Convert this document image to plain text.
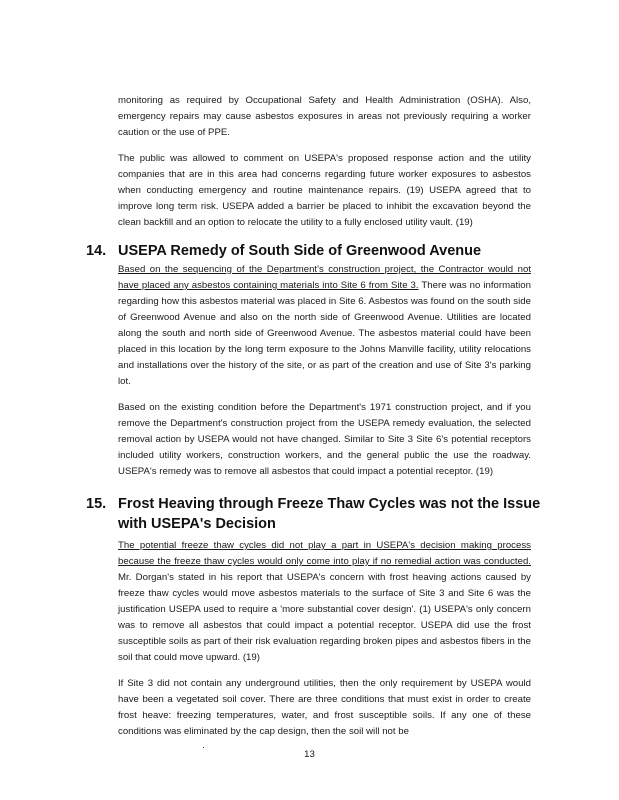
monitoring as required by Occupational Safety and Health Administration (OSHA). Also, emergency repairs may cause asbestos exposures in areas not previously requiring a worker caution or the use of PPE.

The public was allowed to comment on USEPA's proposed response action and the utility companies that are in this area had concerns regarding future worker exposures to asbestos when conducting emergency and routine maintenance repairs. (19) USEPA agreed that to improve long term risk. USEPA added a barrier be placed to inhibit the excavation beyond the clean backfill and an option to relocate the utility to a fully enclosed utility vault. (19)

14. USEPA Remedy of South Side of Greenwood Avenue

Based on the sequencing of the Department's construction project, the Contractor would not have placed any asbestos containing materials into Site 6 from Site 3. There was no information regarding how this asbestos material was placed in Site 6. Asbestos was found on the south side of Greenwood Avenue and also on the north side of Greenwood Avenue. Utilities are located along the south and north side of Greenwood Avenue. The asbestos material could have been placed in this location by the long term exposure to the Johns Manville facility, utility relocations and installations over the history of the site, or as part of the creation and use of Site 3's parking lot.

Based on the existing condition before the Department's 1971 construction project, and if you remove the Department's construction project from the USEPA remedy evaluation, the selected removal action by USEPA would not have changed. Similar to Site 3 Site 6's potential receptors included utility workers, construction workers, and the general public the use the roadway. USEPA's remedy was to remove all asbestos that could impact a potential receptor. (19)

15. Frost Heaving through Freeze Thaw Cycles was not the Issue with USEPA's Decision

The potential freeze thaw cycles did not play a part in USEPA's decision making process because the freeze thaw cycles would only come into play if no remedial action was conducted. Mr. Dorgan's stated in his report that USEPA's concern with frost heaving actions caused by freeze thaw cycles would move asbestos materials to the surface of Site 3 and Site 6 was the justification USEPA used to require a 'more substantial cover design'. (1) USEPA's only concern was to remove all asbestos that could impact a potential receptor. USEPA did use the frost susceptible soils as part of their risk evaluation regarding broken pipes and asbestos fibers in the soil that could move upward. (19)

If Site 3 did not contain any underground utilities, then the only requirement by USEPA would have been a vegetated soil cover. There are three conditions that must exist in order to create frost heave: freezing temperatures, water, and frost susceptible soils. If any one of these conditions was eliminated by the cap design, then the soil will not be

13
